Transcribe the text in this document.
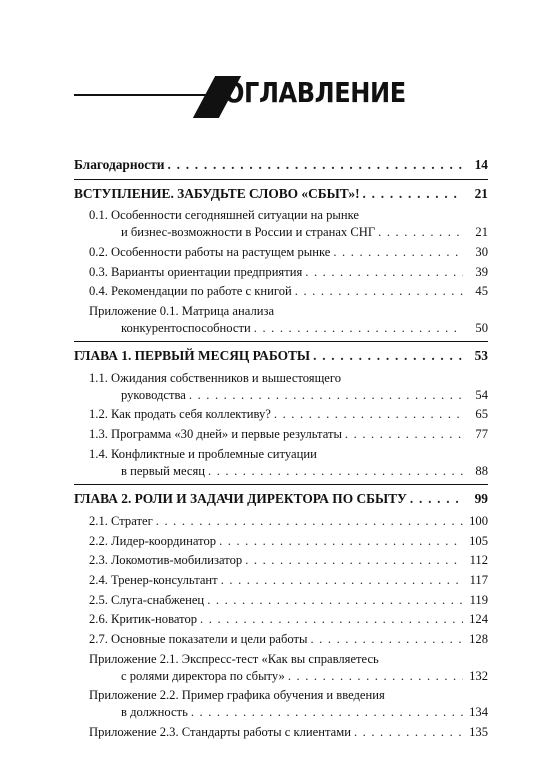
ОГЛАВЛЕНИЕ
Благодарности . . .	14
ВСТУПЛЕНИЕ. ЗАБУДЬТЕ СЛОВО «СБЫТ»! . . .	21
0.1. Особенности сегодняшней ситуации на рынке
и бизнес-возможности в России и странах СНГ . . .	21
0.2. Особенности работы на растущем рынке . . .	30
0.3. Варианты ориентации предприятия . . .	39
0.4. Рекомендации по работе с книгой . . .	45
Приложение 0.1. Матрица анализа
конкурентоспособности . . .	50
ГЛАВА 1. ПЕРВЫЙ МЕСЯЦ РАБОТЫ . . .	53
1.1. Ожидания собственников и вышестоящего
руководства . . .	54
1.2. Как продать себя коллективу? . . .	65
1.3. Программа «30 дней» и первые результаты . . .	77
1.4. Конфликтные и проблемные ситуации
в первый месяц . . .	88
ГЛАВА 2. РОЛИ И ЗАДАЧИ ДИРЕКТОРА ПО СБЫТУ . . .	99
2.1. Стратег . . .	100
2.2. Лидер-координатор . . .	105
2.3. Локомотив-мобилизатор . . .	112
2.4. Тренер-консультант . . .	117
2.5. Слуга-снабженец . . .	119
2.6. Критик-новатор . . .	124
2.7. Основные показатели и цели работы . . .	128
Приложение 2.1. Экспресс-тест «Как вы справляетесь
с ролями директора по сбыту» . . .	132
Приложение 2.2. Пример графика обучения и введения
в должность . . .	134
Приложение 2.3. Стандарты работы с клиентами . . .	135
